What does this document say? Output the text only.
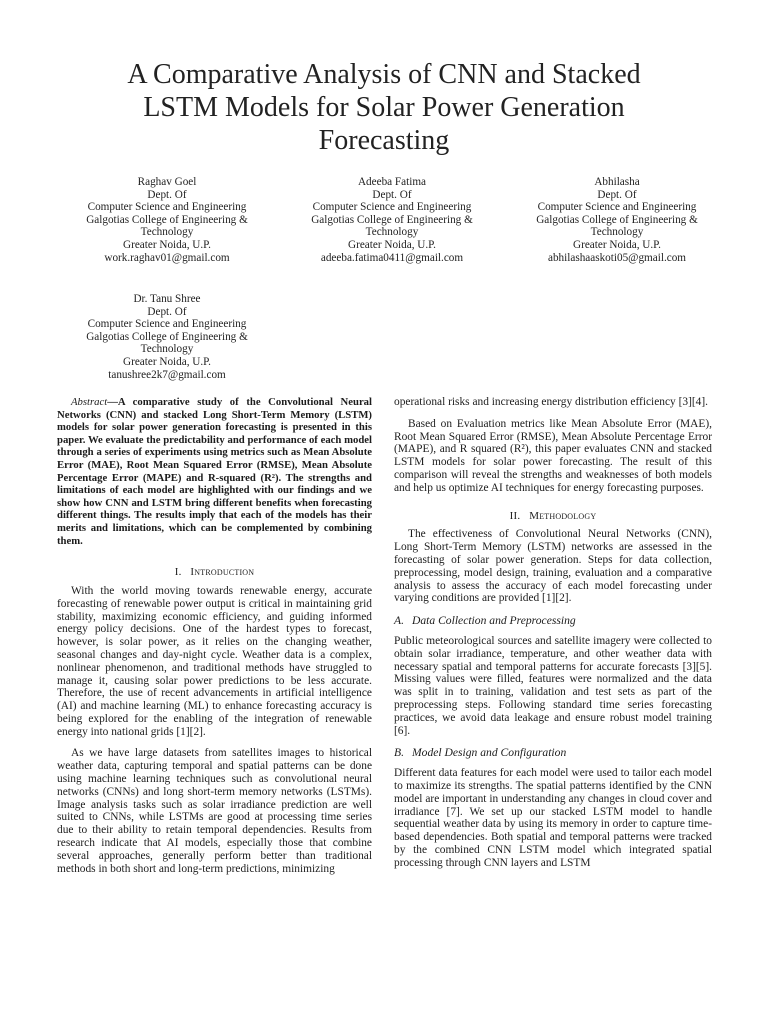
A Comparative Analysis of CNN and Stacked
LSTM Models for Solar Power Generation
Forecasting
Raghav Goel
Dept. Of
Computer Science and Engineering
Galgotias College of Engineering &
Technology
Greater Noida, U.P.
work.raghav01@gmail.com
Adeeba Fatima
Dept. Of
Computer Science and Engineering
Galgotias College of Engineering &
Technology
Greater Noida, U.P.
adeeba.fatima0411@gmail.com
Abhilasha
Dept. Of
Computer Science and Engineering
Galgotias College of Engineering &
Technology
Greater Noida, U.P.
abhilashaaskoti05@gmail.com
Dr. Tanu Shree
Dept. Of
Computer Science and Engineering
Galgotias College of Engineering &
Technology
Greater Noida, U.P.
tanushree2k7@gmail.com

Abstract—A comparative study of the Convolutional Neural Networks (CNN) and stacked Long Short-Term Memory (LSTM) models for solar power generation forecasting is presented in this paper. We evaluate the predictability and performance of each model through a series of experiments using metrics such as Mean Absolute Error (MAE), Root Mean Squared Error (RMSE), Mean Absolute Percentage Error (MAPE) and R-squared (R²). The strengths and limitations of each model are highlighted with our findings and we show how CNN and LSTM bring different benefits when forecasting different things. The results imply that each of the models has their merits and limitations, which can be complemented by combining them.

I. Introduction

With the world moving towards renewable energy, accurate forecasting of renewable power output is critical in maintaining grid stability, maximizing economic efficiency, and guiding informed energy policy decisions. One of the hardest types to forecast, however, is solar power, as it relies on the changing weather, seasonal changes and day-night cycle. Weather data is a complex, nonlinear phenomenon, and traditional methods have struggled to manage it, causing solar power predictions to be less accurate. Therefore, the use of recent advancements in artificial intelligence (AI) and machine learning (ML) to enhance forecasting accuracy is being explored for the enabling of the integration of renewable energy into national grids [1][2].

As we have large datasets from satellites images to historical weather data, capturing temporal and spatial patterns can be done using machine learning techniques such as convolutional neural networks (CNNs) and long short-term memory networks (LSTMs). Image analysis tasks such as solar irradiance prediction are well suited to CNNs, while LSTMs are good at processing time series due to their ability to retain temporal dependencies. Results from research indicate that AI models, especially those that combine several approaches, generally perform better than traditional methods in both short and long-term predictions, minimizing

operational risks and increasing energy distribution efficiency [3][4].

Based on Evaluation metrics like Mean Absolute Error (MAE), Root Mean Squared Error (RMSE), Mean Absolute Percentage Error (MAPE), and R squared (R²), this paper evaluates CNN and stacked LSTM models for solar power forecasting. The result of this comparison will reveal the strengths and weaknesses of both models and help us optimize AI techniques for energy forecasting purposes.

II. Methodology

The effectiveness of Convolutional Neural Networks (CNN), Long Short-Term Memory (LSTM) networks are assessed in the forecasting of solar power generation. Steps for data collection, preprocessing, model design, training, evaluation and a comparative analysis to assess the accuracy of each model forecasting under varying conditions are provided [1][2].

A. Data Collection and Preprocessing

Public meteorological sources and satellite imagery were collected to obtain solar irradiance, temperature, and other weather data with necessary spatial and temporal patterns for accurate forecasts [3][5]. Missing values were filled, features were normalized and the data was split in to training, validation and test sets as part of the preprocessing steps. Following standard time series forecasting practices, we avoid data leakage and ensure robust model training [6].

B. Model Design and Configuration

Different data features for each model were used to tailor each model to maximize its strengths. The spatial patterns identified by the CNN model are important in understanding any changes in cloud cover and irradiance [7]. We set up our stacked LSTM model to handle sequential weather data by using its memory in order to capture time-based dependencies. Both spatial and temporal patterns were tracked by the combined CNN LSTM model which integrated spatial processing through CNN layers and LSTM
